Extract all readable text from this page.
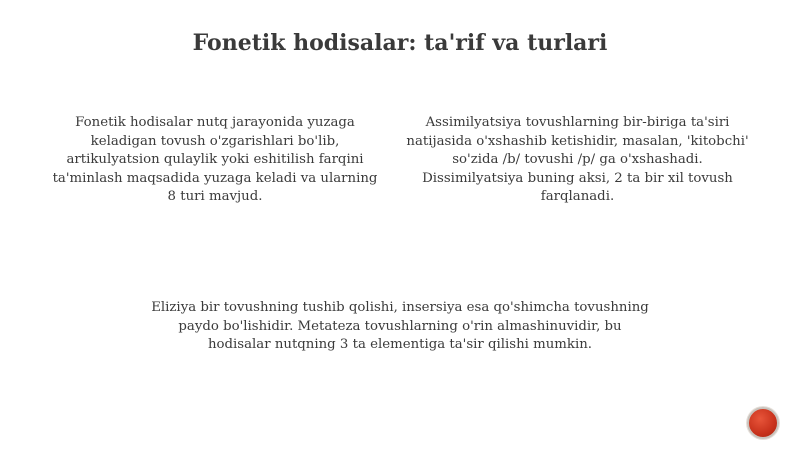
Fonetik hodisalar: ta'rif va turlari
Fonetik hodisalar nutq jarayonida yuzaga keladigan tovush o'zgarishlari bo'lib, artikulyatsion qulaylik yoki eshitilish farqini ta'minlash maqsadida yuzaga keladi va ularning 8 turi mavjud.
Assimilyatsiya tovushlarning bir-biriga ta'siri natijasida o'xshashib ketishidir, masalan, 'kitobchi' so'zida /b/ tovushi /p/ ga o'xshashadi. Dissimilyatsiya buning aksi, 2 ta bir xil tovush farqlanadi.
Eliziya bir tovushning tushib qolishi, insersiya esa qo'shimcha tovushning paydo bo'lishidir. Metateza tovushlarning o'rin almashinuvidir, bu hodisalar nutqning 3 ta elementiga ta'sir qilishi mumkin.
